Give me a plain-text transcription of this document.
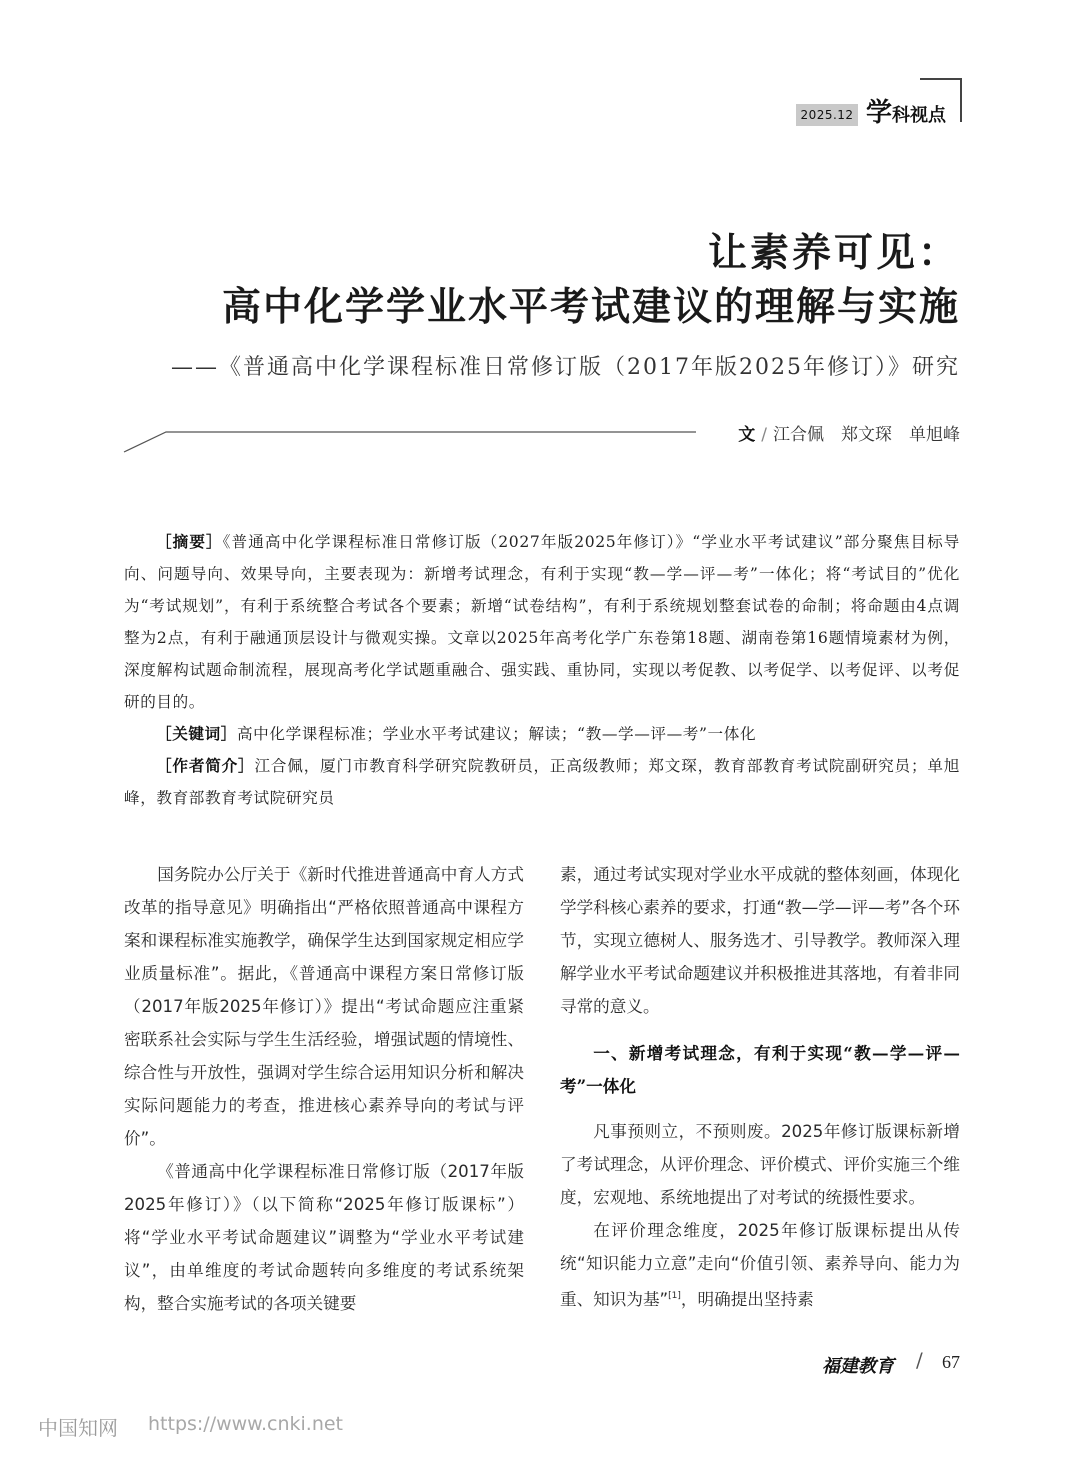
2025.12 学科视点
让素养可见：
高中化学学业水平考试建议的理解与实施
——《普通高中化学课程标准日常修订版（2017年版2025年修订）》研究
文 / 江合佩　郑文琛　单旭峰

［摘要］《普通高中化学课程标准日常修订版（2027年版2025年修订）》“学业水平考试建议”部分聚焦目标导向、问题导向、效果导向，主要表现为：新增考试理念，有利于实现“教—学—评—考”一体化；将“考试目的”优化为“考试规划”，有利于系统整合考试各个要素；新增“试卷结构”，有利于系统规划整套试卷的命制；将命题由4点调整为2点，有利于融通顶层设计与微观实操。文章以2025年高考化学广东卷第18题、湖南卷第16题情境素材为例，深度解构试题命制流程，展现高考化学试题重融合、强实践、重协同，实现以考促教、以考促学、以考促评、以考促研的目的。

［关键词］高中化学课程标准；学业水平考试建议；解读；“教—学—评—考”一体化

［作者简介］江合佩，厦门市教育科学研究院教研员，正高级教师；郑文琛，教育部教育考试院副研究员；单旭峰，教育部教育考试院研究员

国务院办公厅关于《新时代推进普通高中育人方式改革的指导意见》明确指出“严格依照普通高中课程方案和课程标准实施教学，确保学生达到国家规定相应学业质量标准”。据此，《普通高中课程方案日常修订版（2017年版2025年修订）》提出“考试命题应注重紧密联系社会实际与学生生活经验，增强试题的情境性、综合性与开放性，强调对学生综合运用知识分析和解决实际问题能力的考查，推进核心素养导向的考试与评价”。

《普通高中化学课程标准日常修订版（2017年版2025年修订）》（以下简称“2025年修订版课标”）将“学业水平考试命题建议”调整为“学业水平考试建议”，由单维度的考试命题转向多维度的考试系统架构，整合实施考试的各项关键要

素，通过考试实现对学业水平成就的整体刻画，体现化学学科核心素养的要求，打通“教—学—评—考”各个环节，实现立德树人、服务选才、引导教学。教师深入理解学业水平考试命题建议并积极推进其落地，有着非同寻常的意义。

一、新增考试理念，有利于实现“教—学—评—考”一体化

凡事预则立，不预则废。2025年修订版课标新增了考试理念，从评价理念、评价模式、评价实施三个维度，宏观地、系统地提出了对考试的统摄性要求。

在评价理念维度，2025年修订版课标提出从传统“知识能力立意”走向“价值引领、素养导向、能力为重、知识为基”[1]，明确提出坚持素

福建教育 / 67
中国知网 https://www.cnki.net
